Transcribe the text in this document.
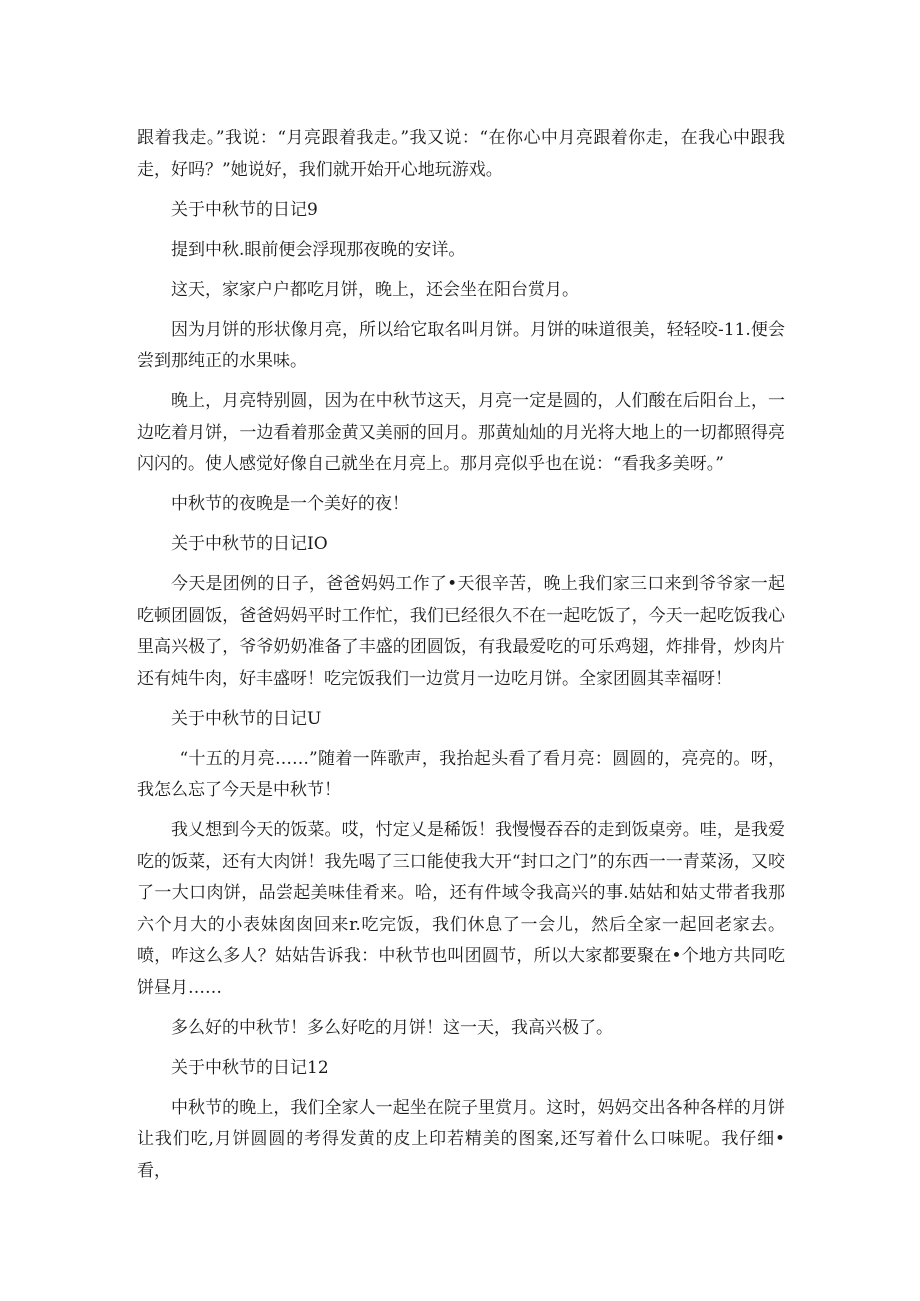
跟着我走。”我说：“月亮跟着我走。”我又说：“在你心中月亮跟着你走，在我心中跟我走，好吗？”她说好，我们就开始开心地玩游戏。

关于中秋节的日记9

提到中秋.眼前便会浮现那夜晚的安详。

这天，家家户户都吃月饼，晚上，还会坐在阳台赏月。

因为月饼的形状像月亮，所以给它取名叫月饼。月饼的味道很美，轻轻咬-11.便会尝到那纯正的水果味。

晚上，月亮特别圆，因为在中秋节这天，月亮一定是圆的，人们酸在后阳台上，一边吃着月饼，一边看着那金黄又美丽的回月。那黄灿灿的月光将大地上的一切都照得亮闪闪的。使人感觉好像自己就坐在月亮上。那月亮似乎也在说：“看我多美呀。”

中秋节的夜晚是一个美好的夜！

关于中秋节的日记IO

今天是团例的日子，爸爸妈妈工作了•天很辛苦，晚上我们家三口来到爷爷家一起吃顿团圆饭，爸爸妈妈平时工作忙，我们已经很久不在一起吃饭了，今天一起吃饭我心里高兴极了，爷爷奶奶准备了丰盛的团圆饭，有我最爱吃的可乐鸡翅，炸排骨，炒肉片还有炖牛肉，好丰盛呀！吃完饭我们一边赏月一边吃月饼。全家团圆其幸福呀！

关于中秋节的日记U

“十五的月亮……”随着一阵歌声，我抬起头看了看月亮：圆圆的，亮亮的。呀，我怎么忘了今天是中秋节！

我乂想到今天的饭菜。哎，忖定乂是稀饭！我慢慢吞吞的走到饭桌旁。哇，是我爱吃的饭菜，还有大肉饼！我先喝了三口能使我大开“封口之门”的东西一一青菜汤，又咬了一大口肉饼，品尝起美味佳肴来。哈，还有件域令我高兴的事.姑姑和姑丈带者我那六个月大的小表妹囱囱回来r.吃完饭，我们休息了一会儿，然后全家一起回老家去。喷，咋这么多人？姑姑告诉我：中秋节也叫团圆节，所以大家都要聚在•个地方共同吃饼昼月……

多么好的中秋节！多么好吃的月饼！这一天，我高兴极了。

关于中秋节的日记12

中秋节的晚上，我们全家人一起坐在院子里赏月。这时，妈妈交出各种各样的月饼让我们吃,月饼圆圆的考得发黄的皮上印若精美的图案,还写着什么口味呢。我仔细•看，
